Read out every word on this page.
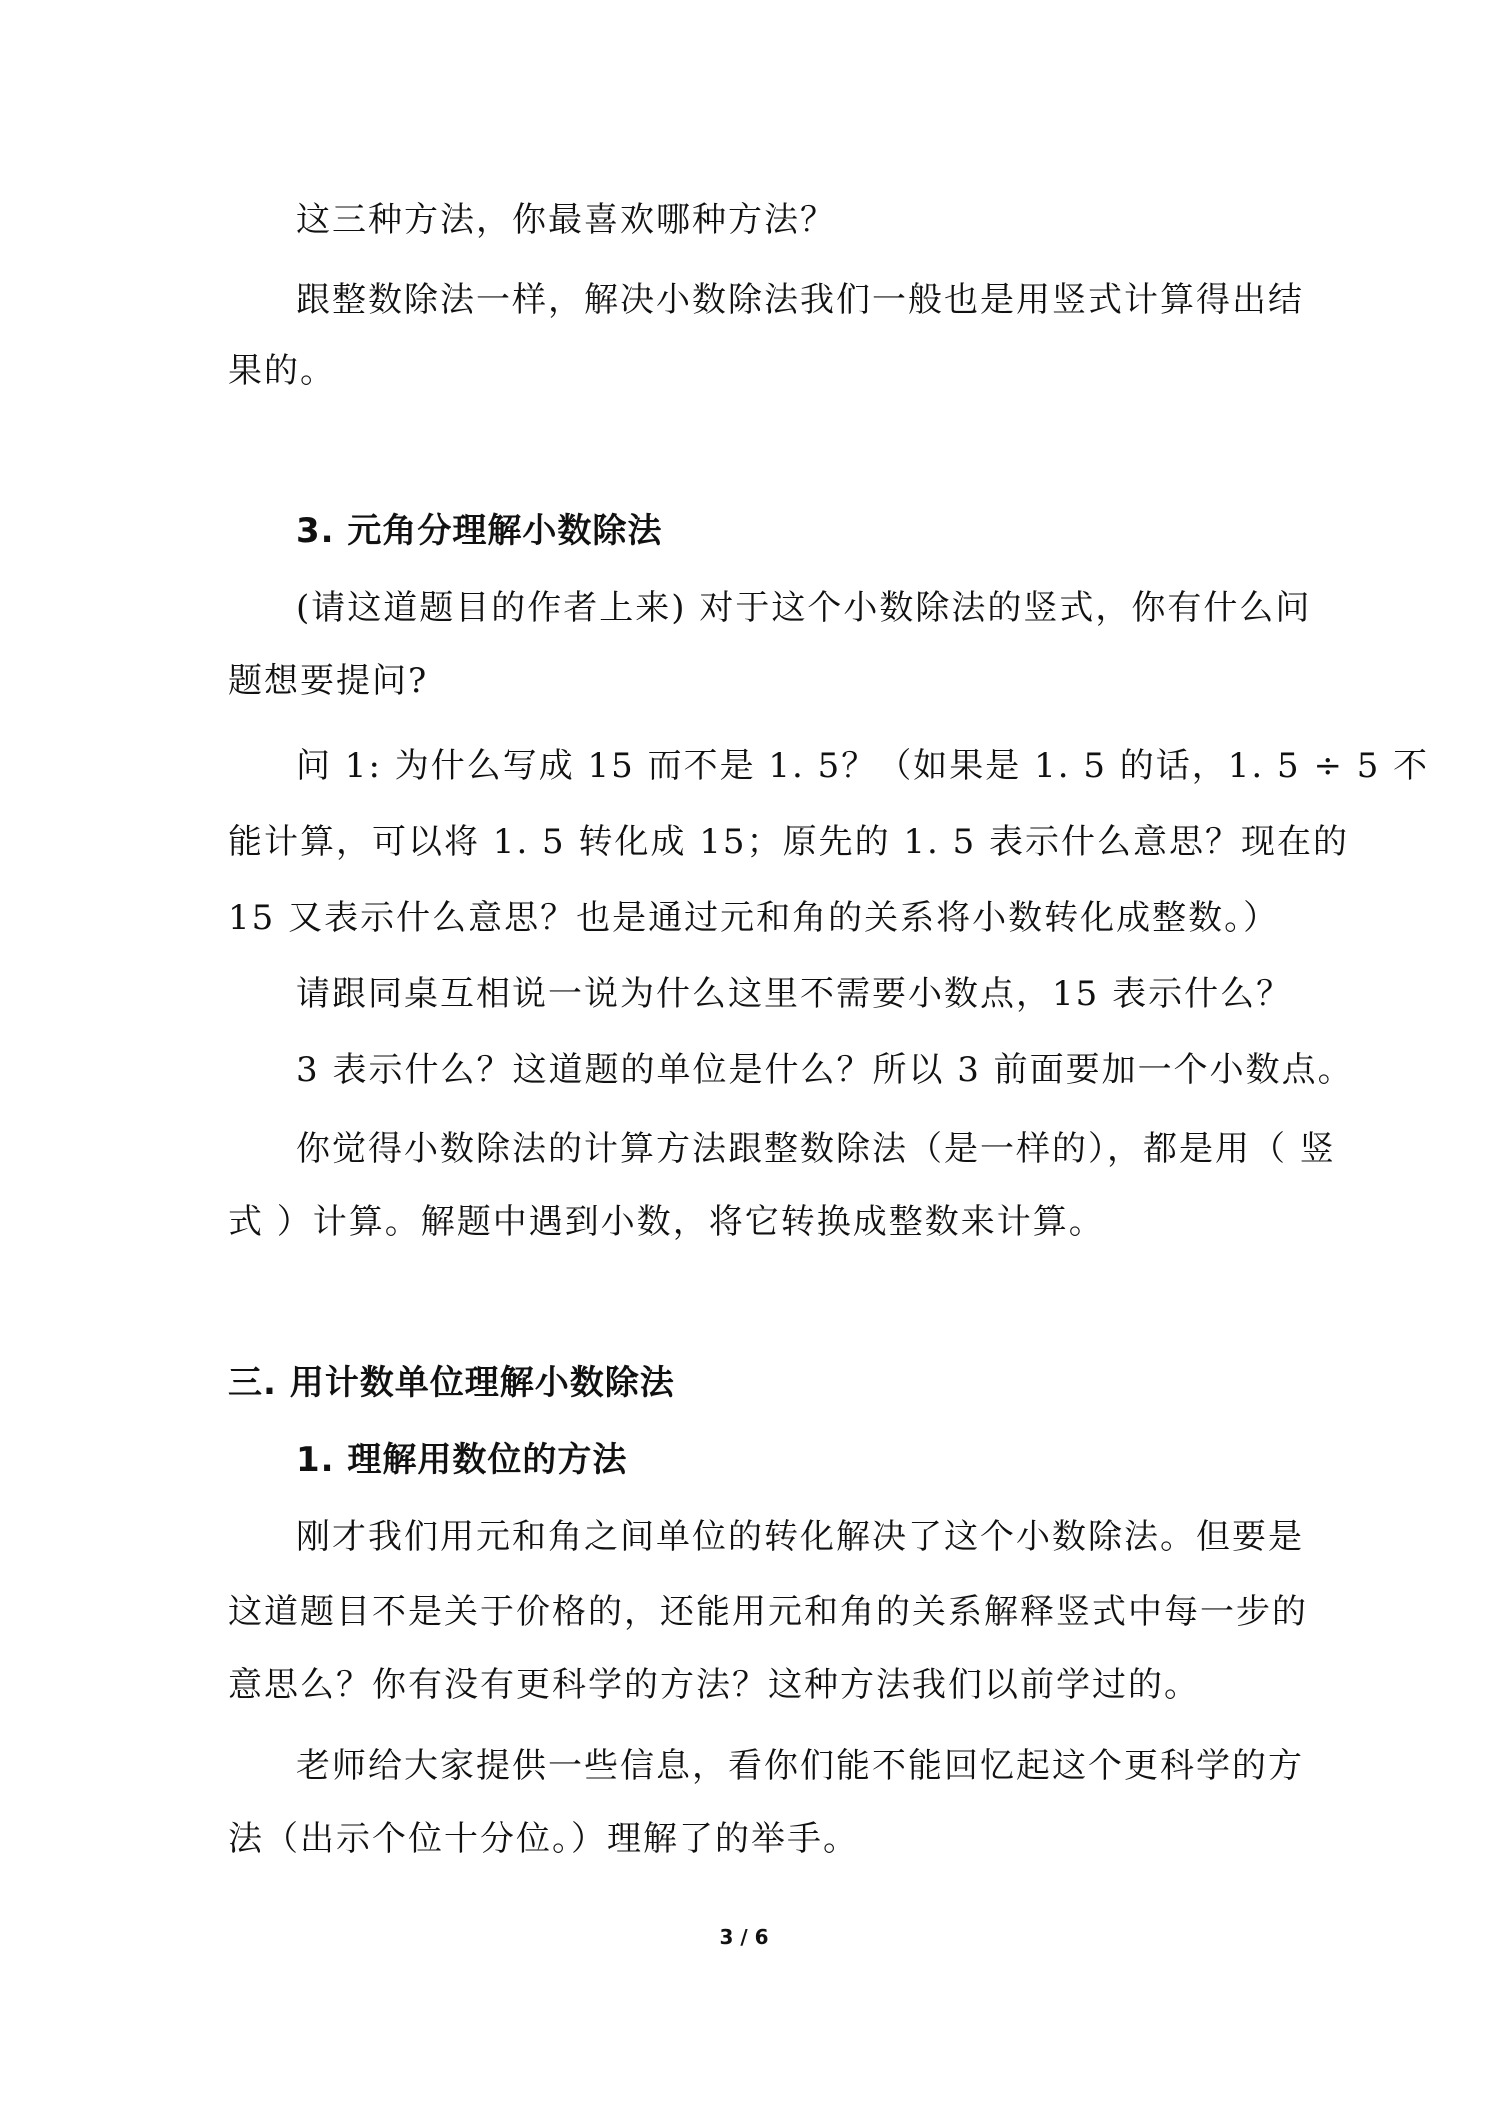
这三种方法，你最喜欢哪种方法？
跟整数除法一样，解决小数除法我们一般也是用竖式计算得出结
果的。
3. 元角分理解小数除法
(请这道题目的作者上来) 对于这个小数除法的竖式，你有什么问
题想要提问?
问 1: 为什么写成 15 而不是 1. 5？（如果是 1. 5 的话，1. 5 ÷ 5 不
能计算，可以将 1. 5 转化成 15；原先的 1. 5 表示什么意思？现在的
15 又表示什么意思？也是通过元和角的关系将小数转化成整数。）
请跟同桌互相说一说为什么这里不需要小数点，15 表示什么？
3 表示什么？这道题的单位是什么？所以 3 前面要加一个小数点。
你觉得小数除法的计算方法跟整数除法（是一样的），都是用（ 竖
式 ）计算。解题中遇到小数，将它转换成整数来计算。
三. 用计数单位理解小数除法
1. 理解用数位的方法
刚才我们用元和角之间单位的转化解决了这个小数除法。但要是
这道题目不是关于价格的，还能用元和角的关系解释竖式中每一步的
意思么？你有没有更科学的方法？这种方法我们以前学过的。
老师给大家提供一些信息，看你们能不能回忆起这个更科学的方
法（出示个位十分位。）理解了的举手。
3 / 6
